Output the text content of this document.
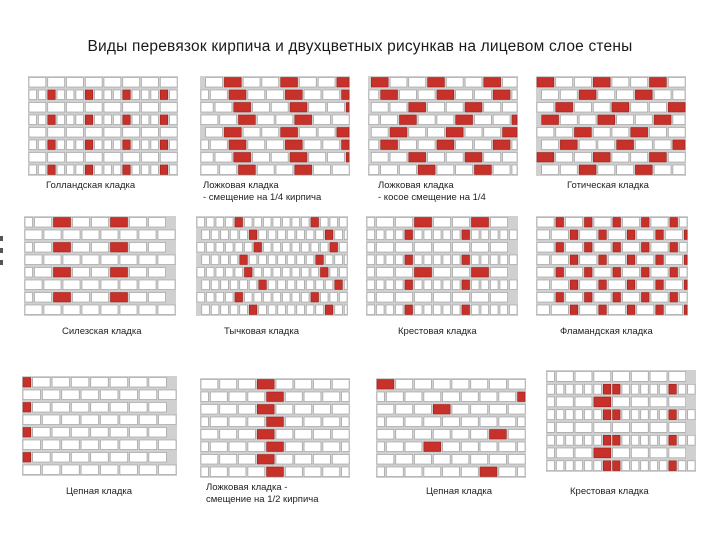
Виды перевязок кирпича и двухцветных рисункав на лицевом слое стены
Голландская кладка	Ложковая кладка
- смещение на 1/4 кирпича
Ложковая кладка
- косое смещение на 1/4
Готическая кладка
Силезская кладка	Тычковая кладка	Крестовая кладка	Фламандская кладка
Цепная кладка	Ложковая кладка -
смещение на 1/2 кирпича
Цепная кладка	Крестовая кладка
